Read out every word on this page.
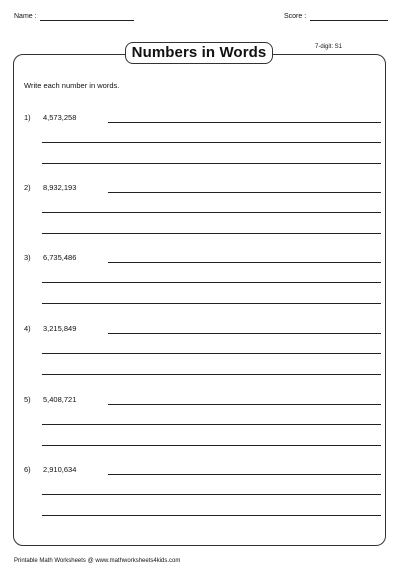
Name :	Score :
Numbers in Words	7-digit: S1
Write each number in words.
1) 4,573,258
2) 8,932,193
3) 6,735,486
4) 3,215,849
5) 5,408,721
6) 2,910,634
Printable Math Worksheets @ www.mathworksheets4kids.com
